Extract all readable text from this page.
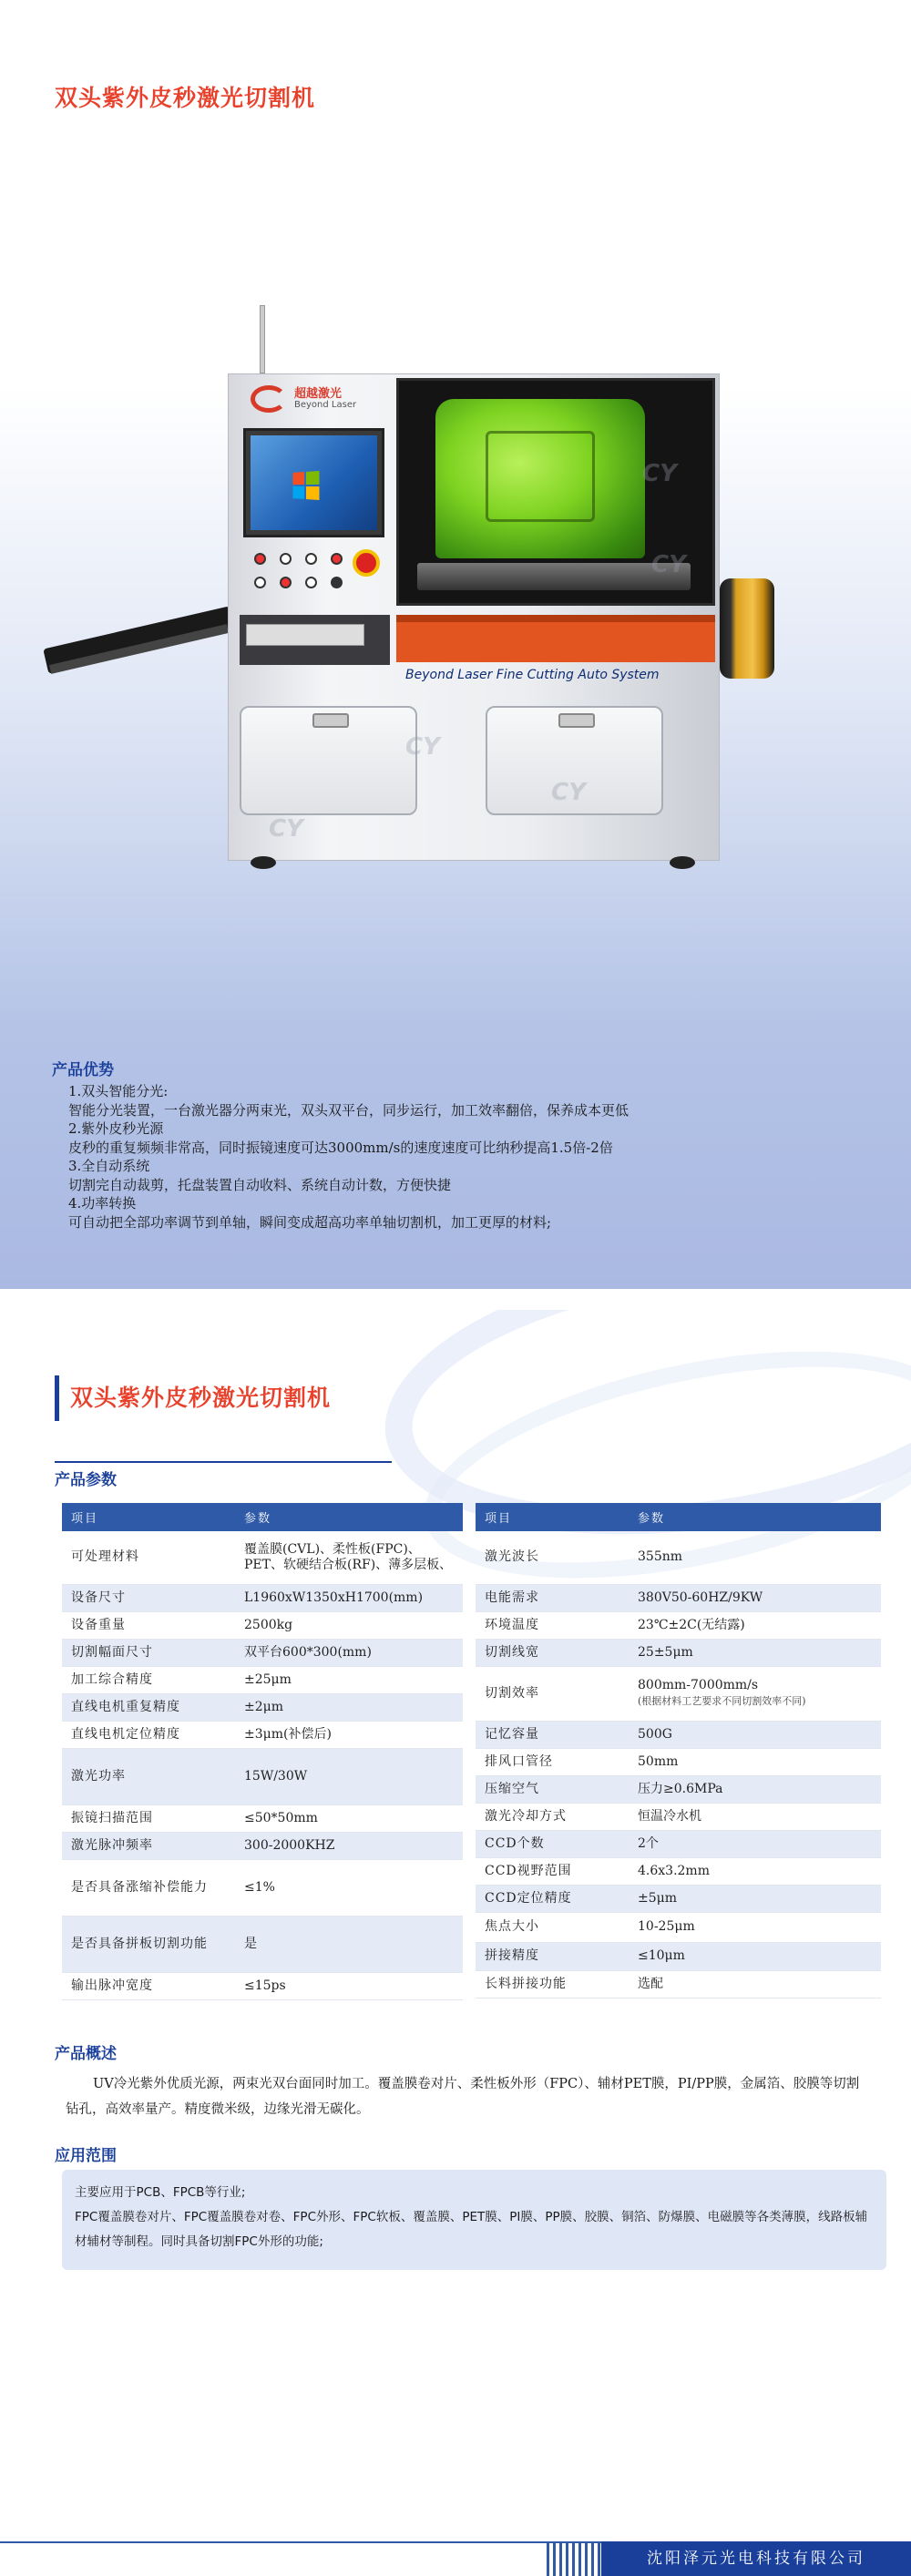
双头紫外皮秒激光切割机
超越激光
Beyond Laser
Beyond Laser Fine Cutting Auto System
CY
CY
CY
CY
CY
产品优势
1.双头智能分光:
智能分光装置，一台激光器分两束光，双头双平台，同步运行，加工效率翻倍，保养成本更低
2.紫外皮秒光源
皮秒的重复频频非常高，同时振镜速度可达3000mm/s的速度速度可比纳秒提高1.5倍-2倍
3.全自动系统
切割完自动裁剪，托盘装置自动收料、系统自动计数，方便快捷
4.功率转换
可自动把全部功率调节到单轴，瞬间变成超高功率单轴切割机，加工更厚的材料;
双头紫外皮秒激光切割机
产品参数
项目	参数
可处理材料	覆盖膜(CVL)、柔性板(FPC)、PET、软硬结合板(RF)、薄多层板、
设备尺寸	L1960xW1350xH1700(mm)
设备重量	2500kg
切割幅面尺寸	双平台600*300(mm)
加工综合精度	±25μm
直线电机重复精度	±2μm
直线电机定位精度	±3μm(补偿后)
激光功率	15W/30W
振镜扫描范围	≤50*50mm
激光脉冲频率	300-2000KHZ
是否具备涨缩补偿能力	≤1%
是否具备拼板切割功能	是
输出脉冲宽度	≤15ps
项目	参数
激光波长	355nm
电能需求	380V50-60HZ/9KW
环境温度	23℃±2C(无结露)
切割线宽	25±5μm
切割效率	800mm-7000mm/s
(根据材料工艺要求不同切割效率不同)

记忆容量	500G
排风口管径	50mm
压缩空气	压力≥0.6MPa
激光冷却方式	恒温冷水机
CCD个数	2个
CCD视野范围	4.6x3.2mm
CCD定位精度	±5μm
焦点大小	10-25μm
拼接精度	≤10μm
长料拼接功能	选配
产品概述
UV冷光紫外优质光源，两束光双台面同时加工。覆盖膜卷对片、柔性板外形（FPC）、辅材PET膜，PI/PP膜，金属箔、胶膜等切割钻孔，高效率量产。精度微米级，边缘光滑无碳化。
应用范围
主要应用于PCB、FPCB等行业;
FPC覆盖膜卷对片、FPC覆盖膜卷对卷、FPC外形、FPC软板、覆盖膜、PET膜、PI膜、PP膜、胶膜、铜箔、防爆膜、电磁膜等各类薄膜，线路板辅材辅材等制程。同时具备切割FPC外形的功能;
沈阳泽元光电科技有限公司
